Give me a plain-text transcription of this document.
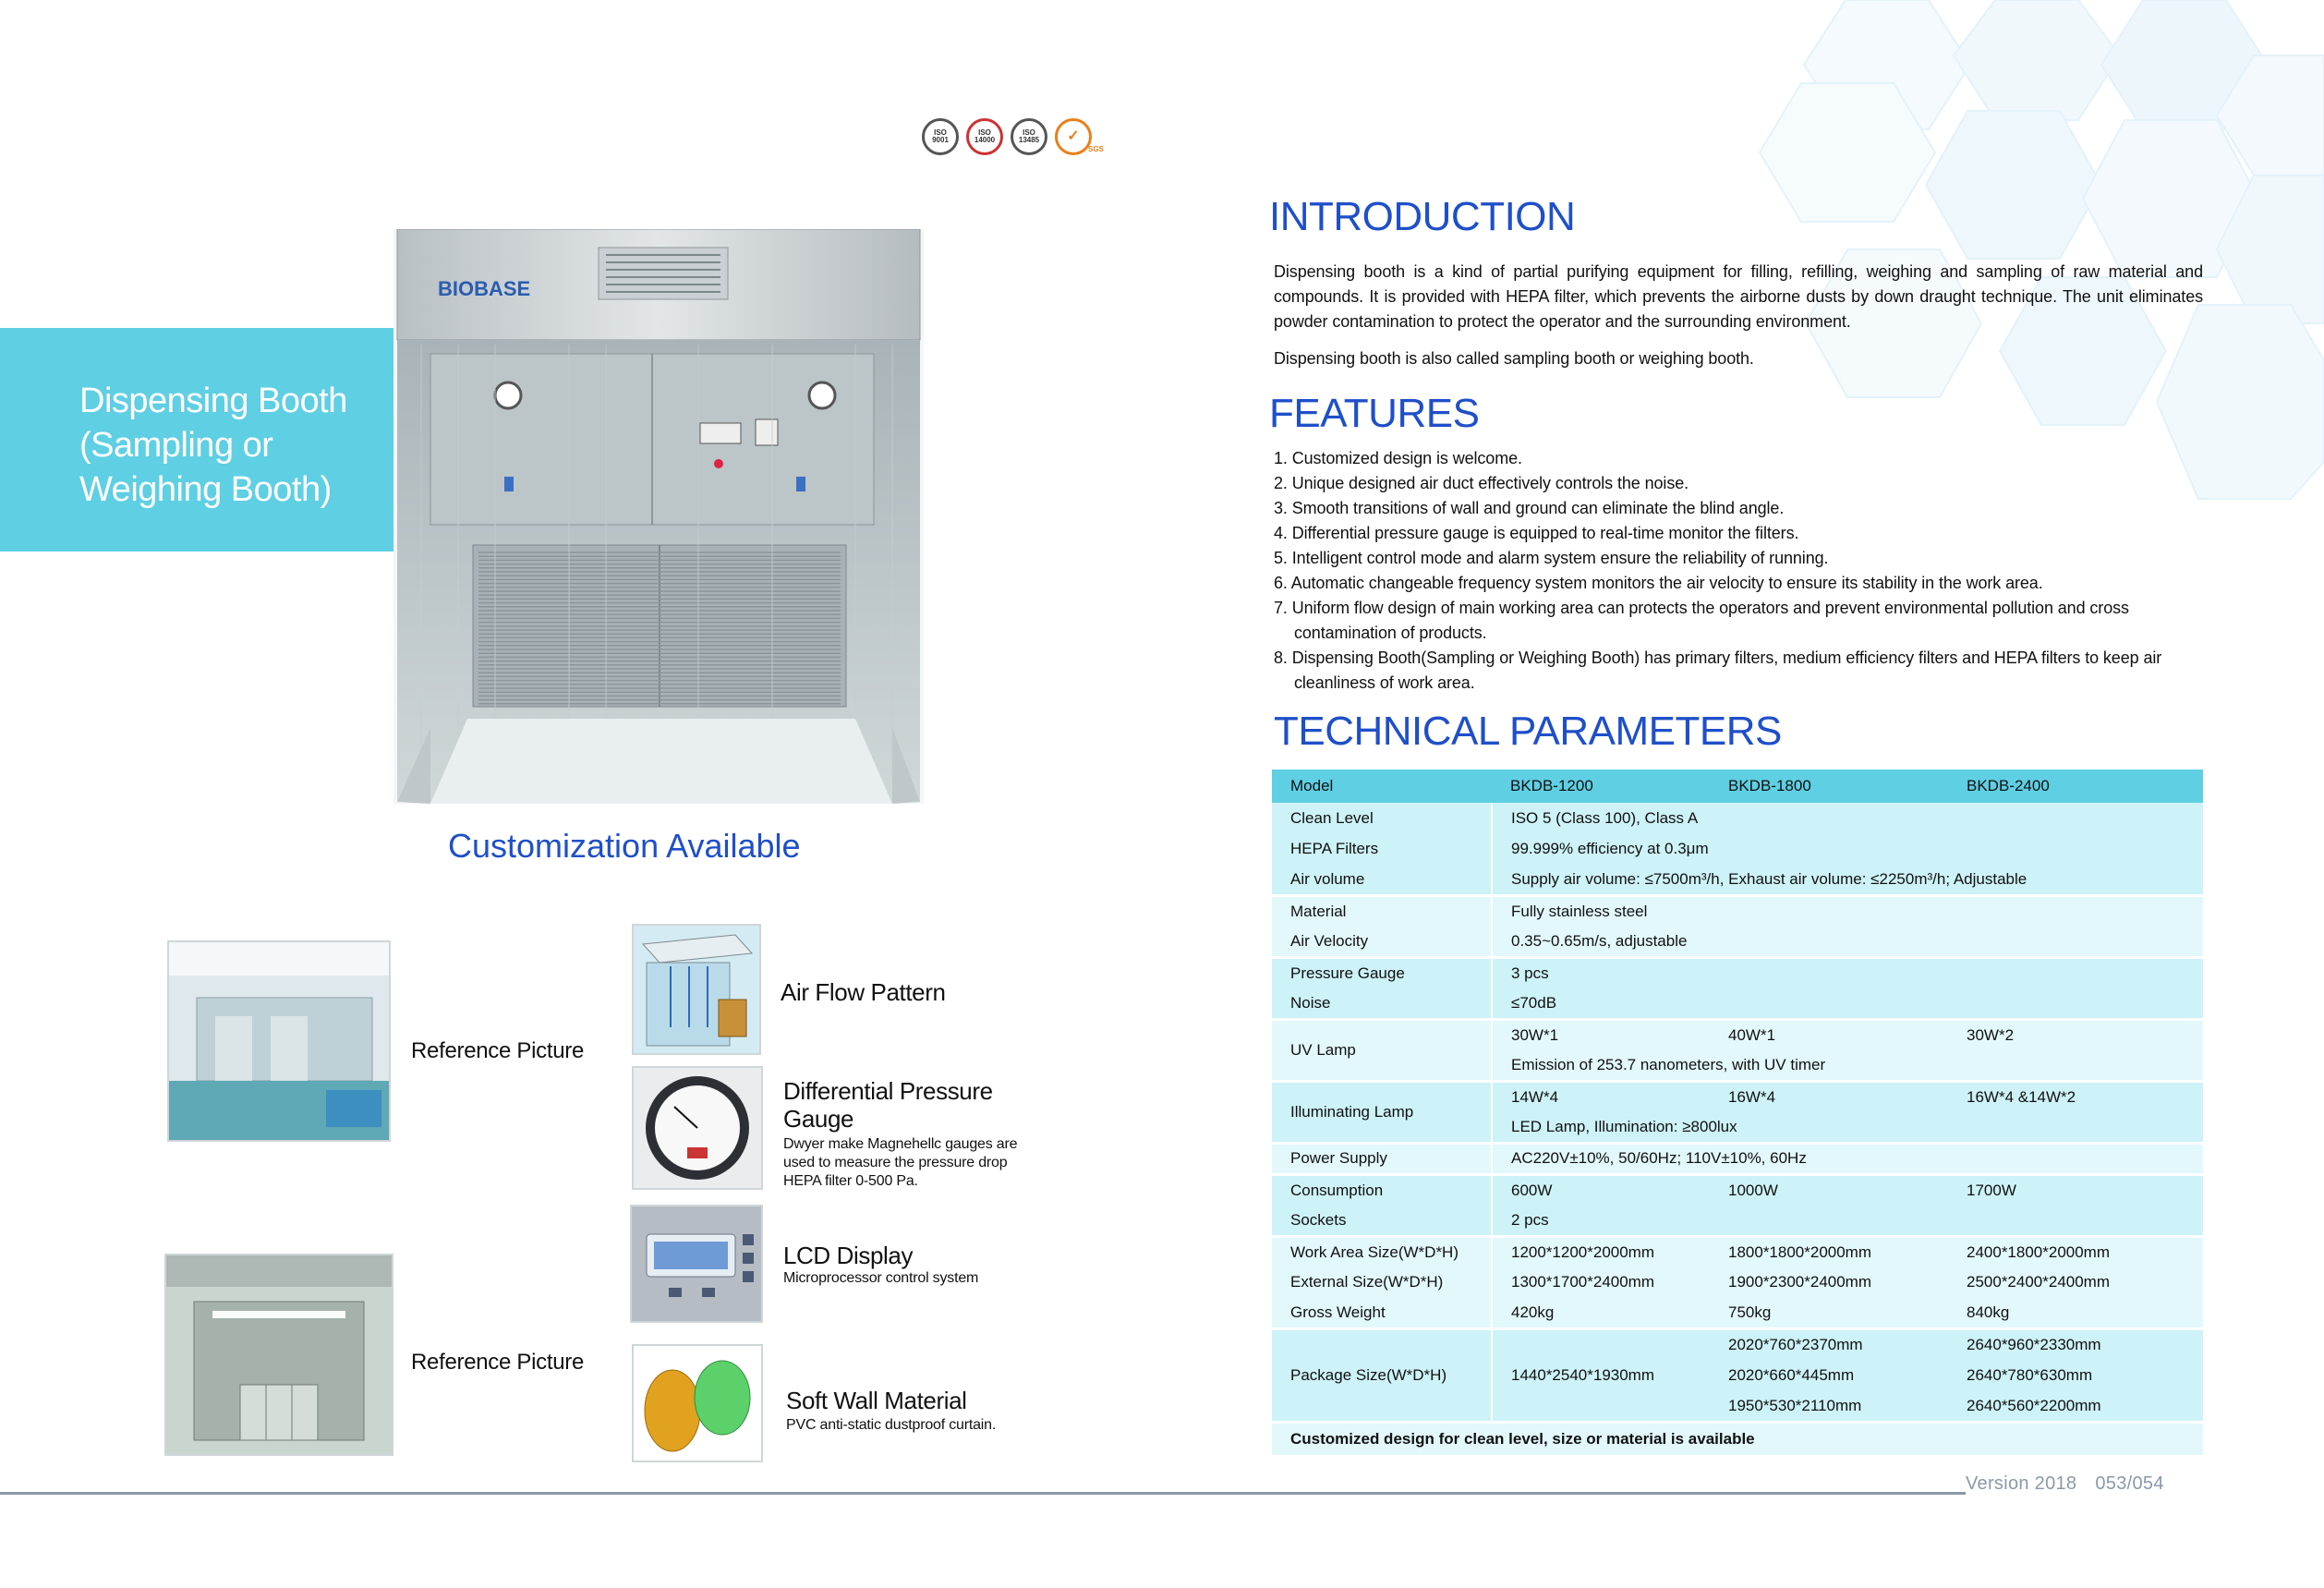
ISO
9001
ISO
14000
ISO
13485 ✓
SGS
Dispensing Booth (Sampling or Weighing Booth)
BIOBASE
Customization Available
Reference Picture
Reference Picture
Air Flow Pattern
Differential Pressure Gauge
Dwyer make Magnehellc gauges are used to measure the pressure drop HEPA filter 0-500 Pa.
LCD Display
Microprocessor control system
Soft Wall Material
PVC anti-static dustproof curtain.
INTRODUCTION
Dispensing booth is a kind of partial purifying equipment for filling, refilling, weighing and sampling of raw material and compounds. It is provided with HEPA filter, which prevents the airborne dusts by down draught technique. The unit eliminates powder contamination to protect the operator and the surrounding environment.
Dispensing booth is also called sampling booth or weighing booth.
FEATURES
1. Customized design is welcome.
2. Unique designed air duct effectively controls the noise.
3. Smooth transitions of wall and ground can eliminate the blind angle.
4. Differential pressure gauge is equipped to real-time monitor the filters.
5. Intelligent control mode and alarm system ensure the reliability of running.
6. Automatic changeable frequency system monitors the air velocity to ensure its stability in the work area.
7. Uniform flow design of main working area can protects the operators and prevent environmental pollution and cross contamination of products.
8. Dispensing Booth(Sampling or Weighing Booth) has primary filters, medium efficiency filters and HEPA filters to keep air cleanliness of work area.
TECHNICAL PARAMETERS
Model	BKDB-1200	BKDB-1800	BKDB-2400
Clean Level	ISO 5 (Class 100), Class A		
HEPA Filters	99.999% efficiency at 0.3μm		
Air volume	Supply air volume: ≤7500m³/h, Exhaust air volume: ≤2250m³/h; Adjustable		
Material	Fully stainless steel		
Air Velocity	0.35~0.65m/s, adjustable		
Pressure Gauge	3 pcs		
Noise	≤70dB		
UV Lamp	30W*1	40W*1	30W*2
	Emission of 253.7 nanometers, with UV timer		
Illuminating Lamp	14W*4	16W*4	16W*4 &14W*2
	LED Lamp, Illumination: ≥800lux		
Power Supply	AC220V±10%, 50/60Hz; 110V±10%, 60Hz		
Consumption	600W	1000W	1700W
Sockets	2 pcs		
Work Area Size(W*D*H)	1200*1200*2000mm	1800*1800*2000mm	2400*1800*2000mm
External Size(W*D*H)	1300*1700*2400mm	1900*2300*2400mm	2500*2400*2400mm
Gross Weight	420kg	750kg	840kg
Package Size(W*D*H)	1440*2540*1930mm	2020*760*2370mm	2640*960*2330mm
		2020*660*445mm	2640*780*630mm
		1950*530*2110mm	2640*560*2200mm
Customized design for clean level, size or material is available			
Version 2018 053/054
